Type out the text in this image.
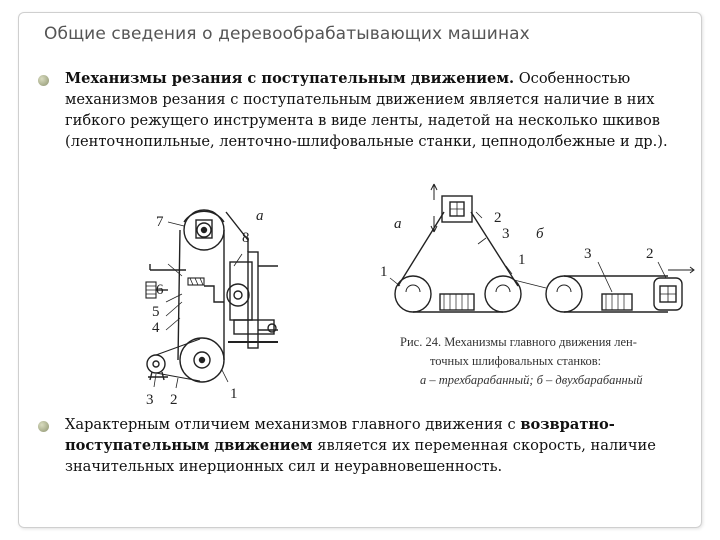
Общие сведения о деревообрабатывающих машинах
Механизмы резания с поступательным движением. Особенностью механизмов резания с поступательным движением является наличие в них гибкого режущего инструмента в виде ленты, надетой на несколько шкивов (ленточнопильные, ленточно-шлифовальные станки, цепнодолбежные и др.).
а
7
8
6
5
4
3 2	1
а
1
2
3 б
1	3	2
Рис. 24. Механизмы главного движения лен-
точных шлифовальных станков:
а – трехбарабанный; б – двухбарабанный
Характерным отличием механизмов главного движения с возвратно-поступательным движением является их переменная скорость, наличие значительных инерционных сил и неуравновешенность.
